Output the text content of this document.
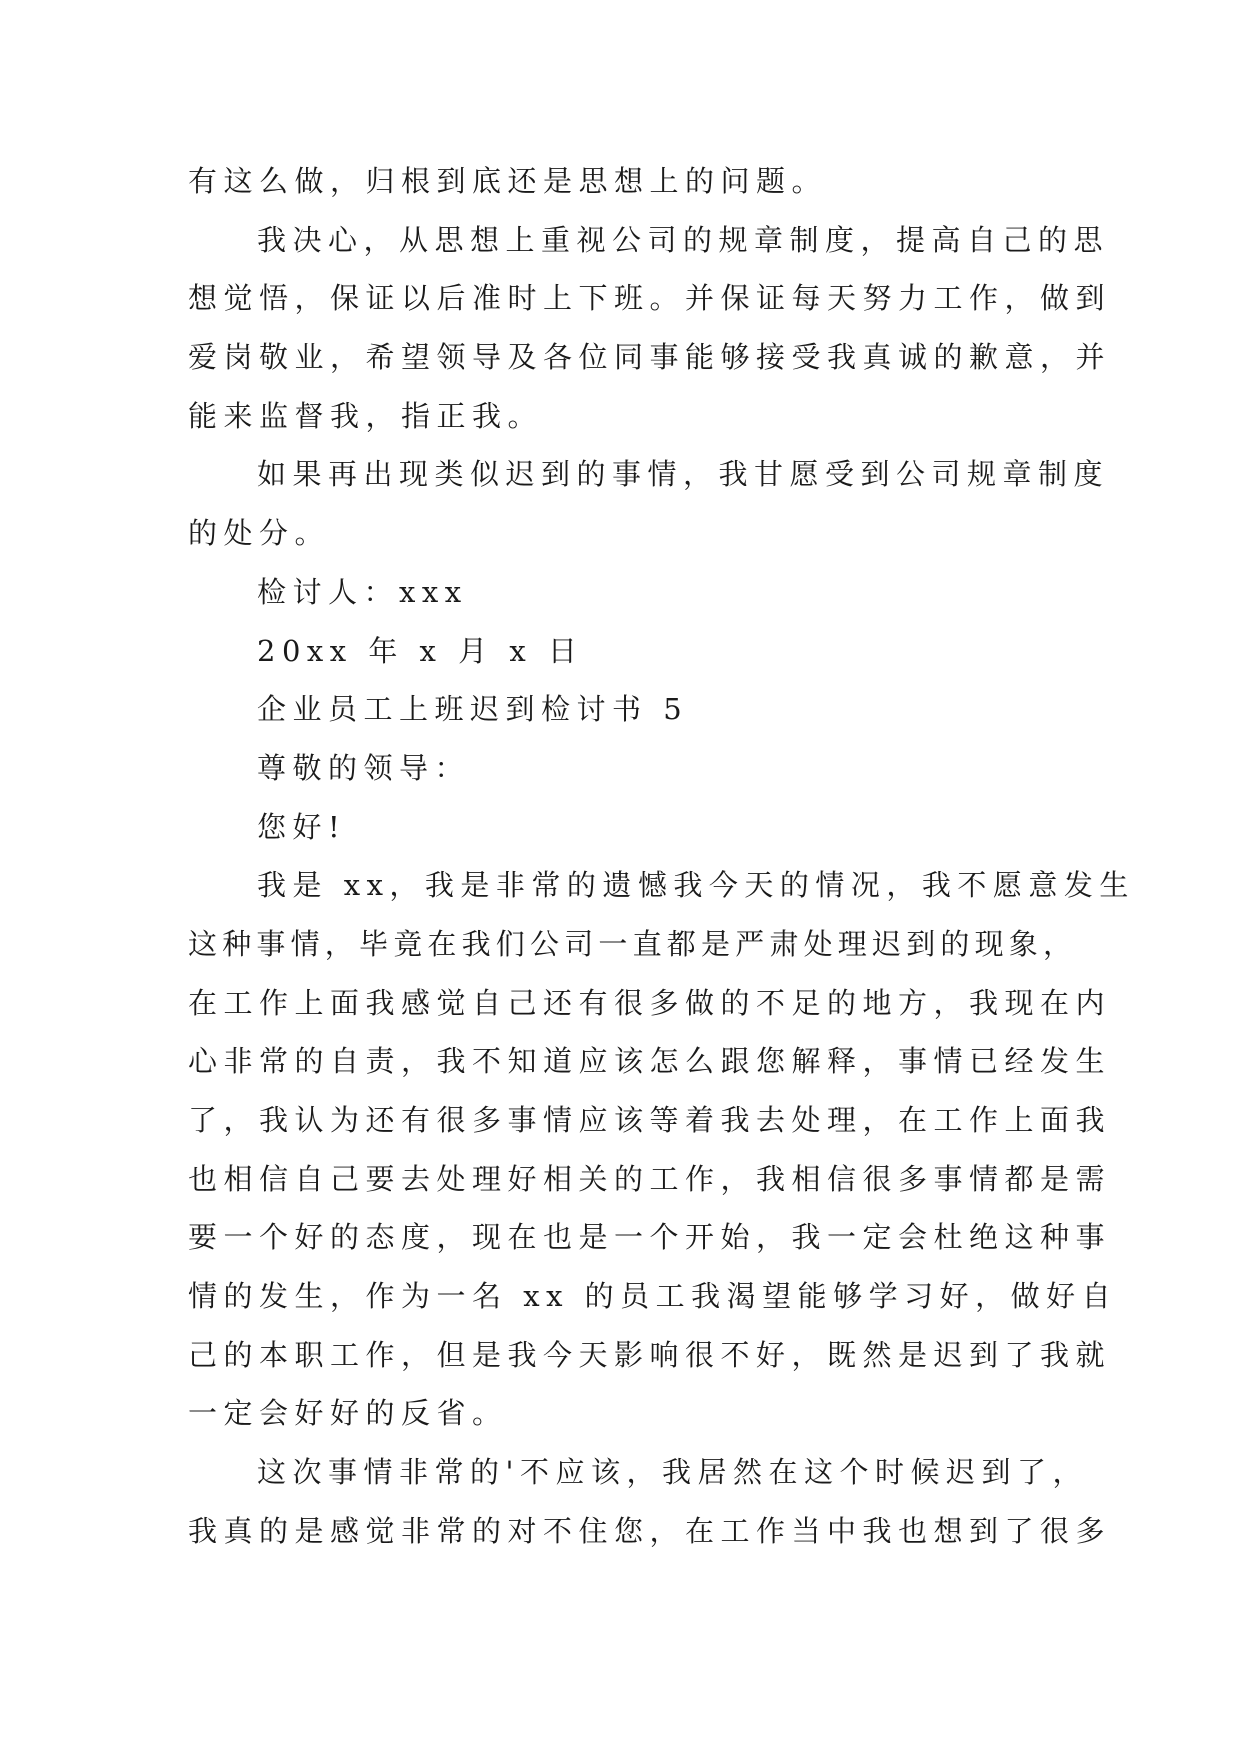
有这么做，归根到底还是思想上的问题。
我决心，从思想上重视公司的规章制度，提高自己的思
想觉悟，保证以后准时上下班。并保证每天努力工作，做到
爱岗敬业，希望领导及各位同事能够接受我真诚的歉意，并
能来监督我，指正我。
如果再出现类似迟到的事情，我甘愿受到公司规章制度
的处分。
检讨人：xxx
20xx 年 x 月 x 日
企业员工上班迟到检讨书 5
尊敬的领导：
您好!
我是 xx，我是非常的遗憾我今天的情况，我不愿意发生
这种事情，毕竟在我们公司一直都是严肃处理迟到的现象，
在工作上面我感觉自己还有很多做的不足的地方，我现在内
心非常的自责，我不知道应该怎么跟您解释，事情已经发生
了，我认为还有很多事情应该等着我去处理，在工作上面我
也相信自己要去处理好相关的工作，我相信很多事情都是需
要一个好的态度，现在也是一个开始，我一定会杜绝这种事
情的发生，作为一名 xx 的员工我渴望能够学习好，做好自
己的本职工作，但是我今天影响很不好，既然是迟到了我就
一定会好好的反省。
这次事情非常的'不应该，我居然在这个时候迟到了，
我真的是感觉非常的对不住您，在工作当中我也想到了很多
